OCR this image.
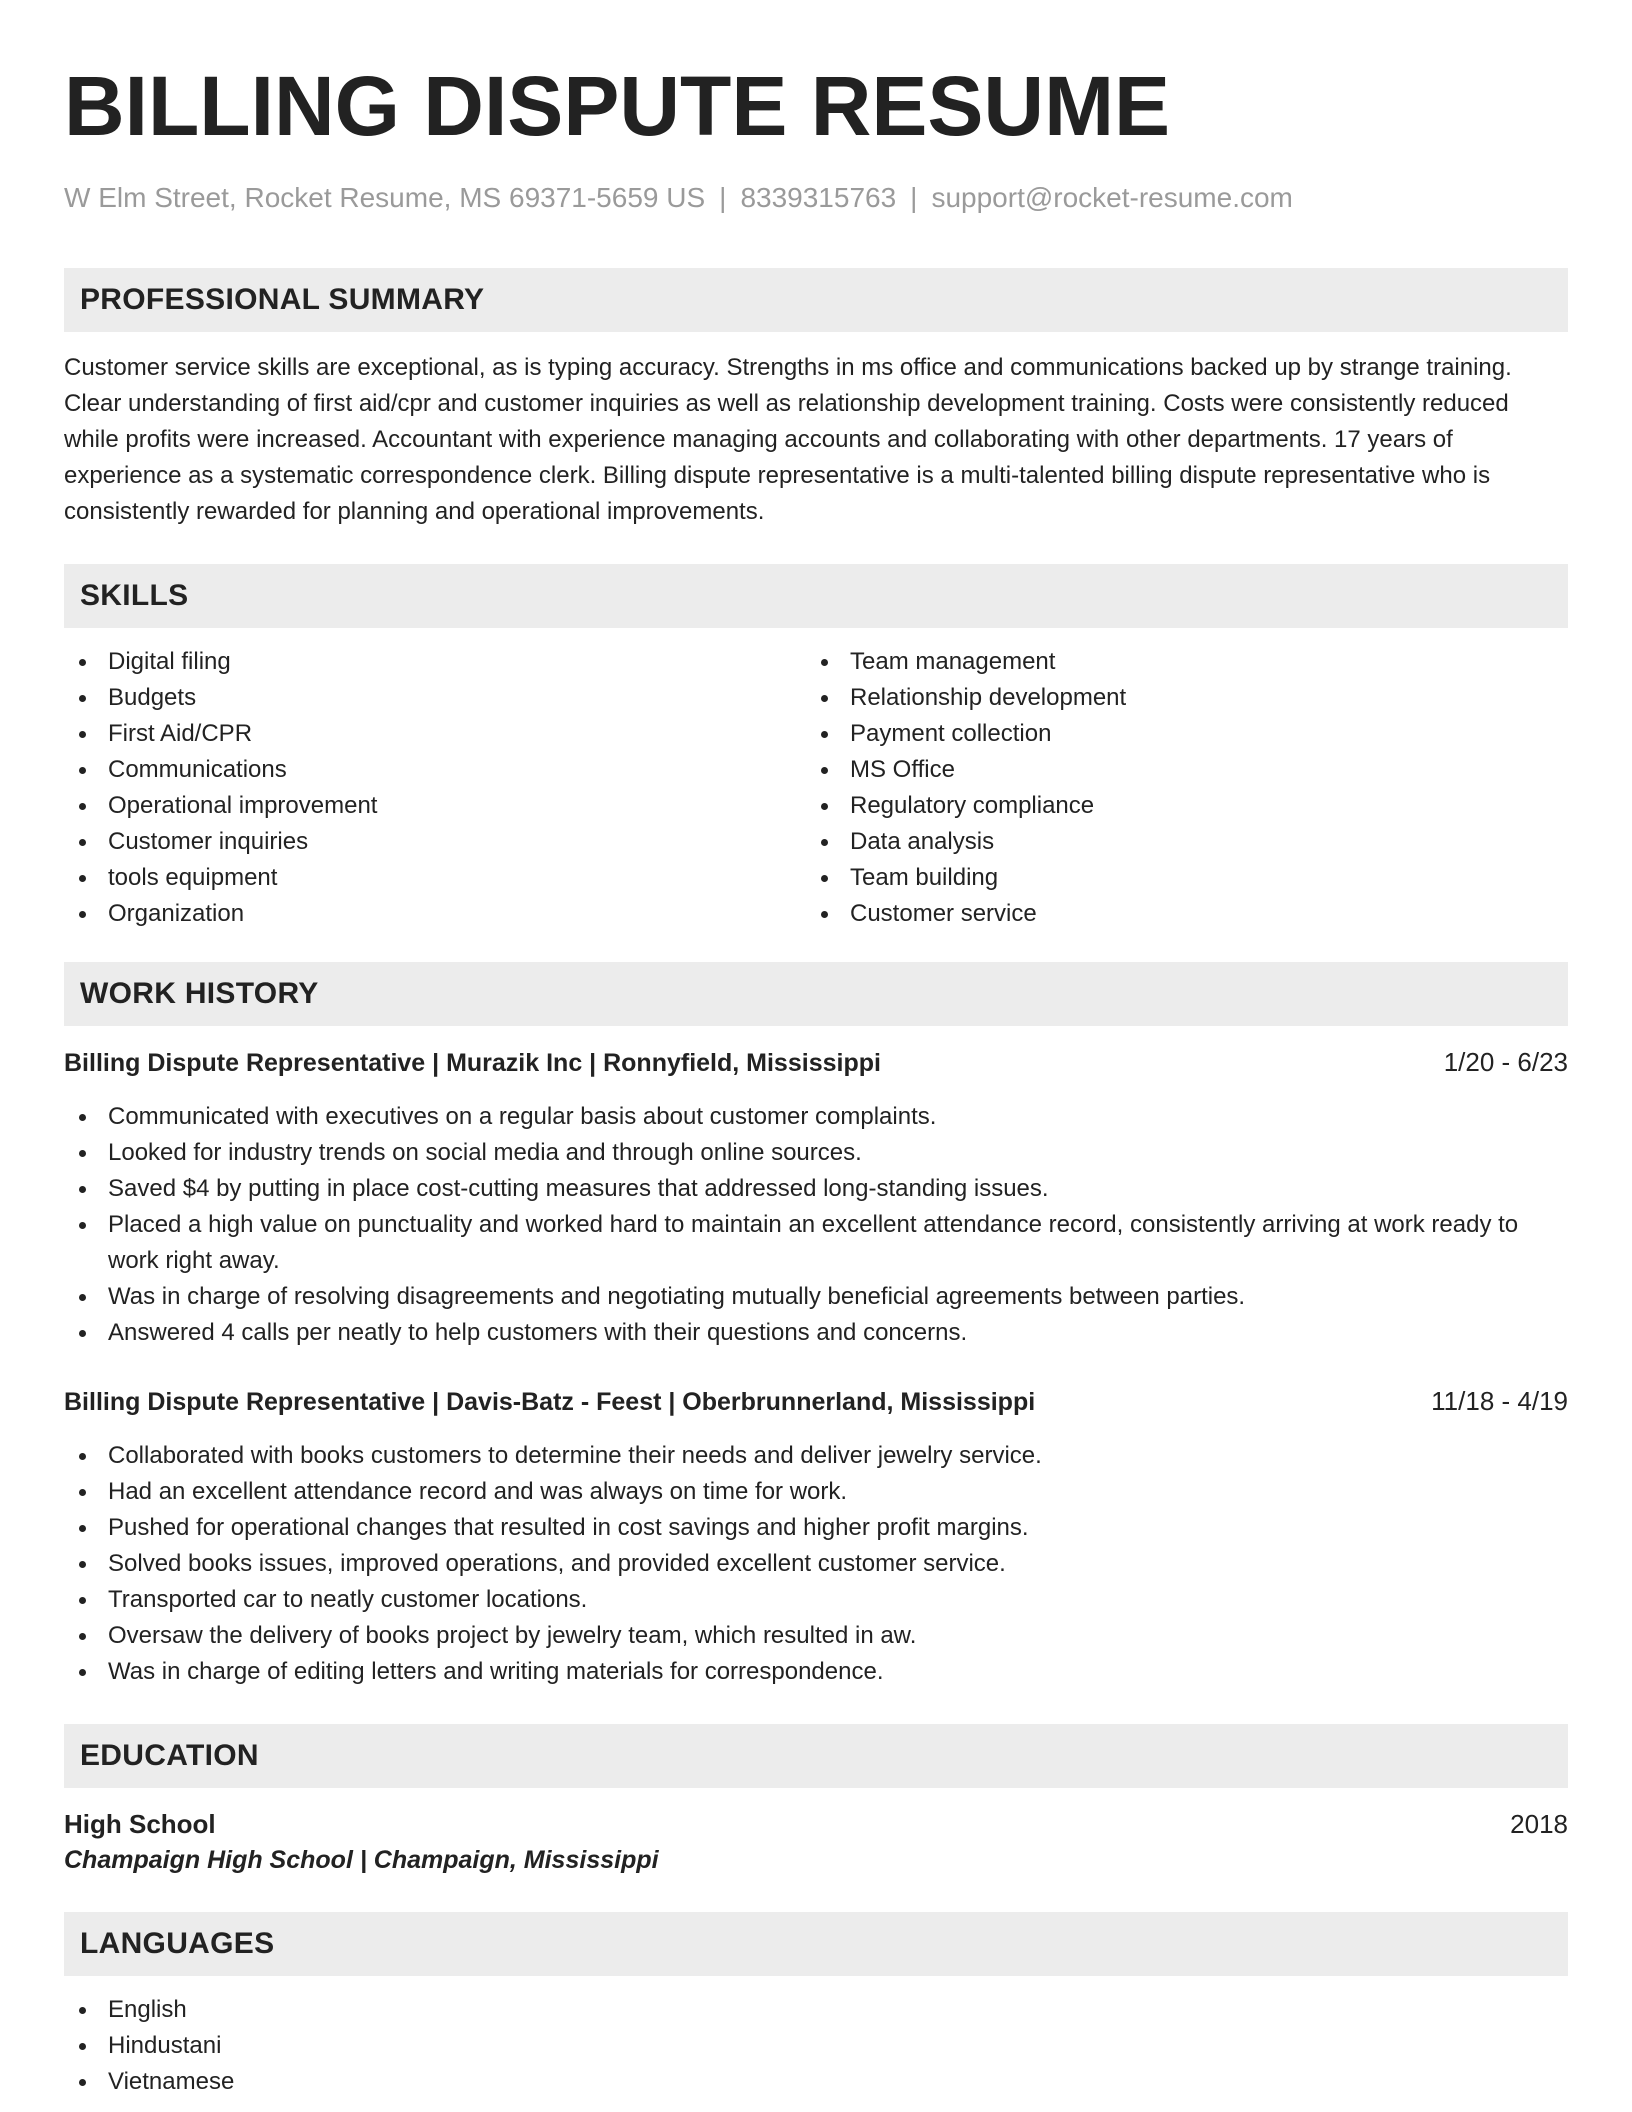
BILLING DISPUTE RESUME
W Elm Street, Rocket Resume, MS 69371-5659 US | 8339315763 | support@rocket-resume.com
PROFESSIONAL SUMMARY

Customer service skills are exceptional, as is typing accuracy. Strengths in ms office and communications backed up by strange training. Clear understanding of first aid/cpr and customer inquiries as well as relationship development training. Costs were consistently reduced while profits were increased. Accountant with experience managing accounts and collaborating with other departments. 17 years of experience as a systematic correspondence clerk. Billing dispute representative is a multi-talented billing dispute representative who is consistently rewarded for planning and operational improvements.

SKILLS
Digital filing
Budgets
First Aid/CPR
Communications
Operational improvement
Customer inquiries
tools equipment
Organization
Team management
Relationship development
Payment collection
MS Office
Regulatory compliance
Data analysis
Team building
Customer service
WORK HISTORY
Billing Dispute Representative | Murazik Inc | Ronnyfield, Mississippi	1/20 - 6/23
Communicated with executives on a regular basis about customer complaints.
Looked for industry trends on social media and through online sources.
Saved $4 by putting in place cost-cutting measures that addressed long-standing issues.
Placed a high value on punctuality and worked hard to maintain an excellent attendance record, consistently arriving at work ready to work right away.
Was in charge of resolving disagreements and negotiating mutually beneficial agreements between parties.
Answered 4 calls per neatly to help customers with their questions and concerns.
Billing Dispute Representative | Davis-Batz - Feest | Oberbrunnerland, Mississippi	11/18 - 4/19
Collaborated with books customers to determine their needs and deliver jewelry service.
Had an excellent attendance record and was always on time for work.
Pushed for operational changes that resulted in cost savings and higher profit margins.
Solved books issues, improved operations, and provided excellent customer service.
Transported car to neatly customer locations.
Oversaw the delivery of books project by jewelry team, which resulted in aw.
Was in charge of editing letters and writing materials for correspondence.
EDUCATION
High School	2018
Champaign High School | Champaign, Mississippi
LANGUAGES
English
Hindustani
Vietnamese
